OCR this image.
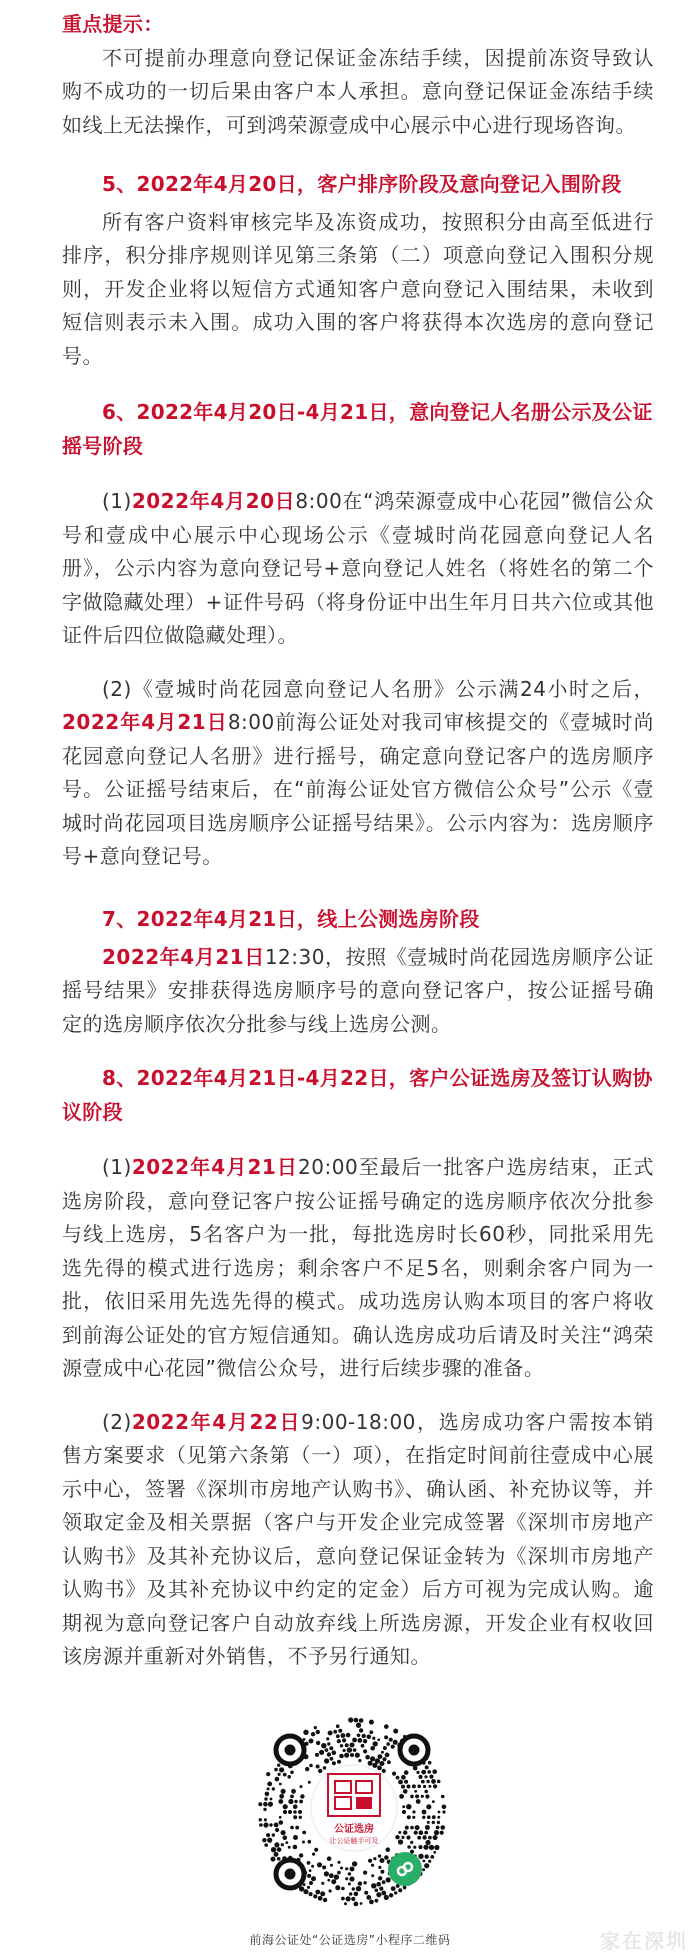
重点提示：

不可提前办理意向登记保证金冻结手续，因提前冻资导致认购不成功的一切后果由客户本人承担。意向登记保证金冻结手续如线上无法操作，可到鸿荣源壹成中心展示中心进行现场咨询。

5、2022年4月20日，客户排序阶段及意向登记入围阶段

所有客户资料审核完毕及冻资成功，按照积分由高至低进行排序，积分排序规则详见第三条第（二）项意向登记入围积分规则，开发企业将以短信方式通知客户意向登记入围结果，未收到短信则表示未入围。成功入围的客户将获得本次选房的意向登记号。

6、2022年4月20日-4月21日，意向登记人名册公示及公证摇号阶段

(1)2022年4月20日8:00在“鸿荣源壹成中心花园”微信公众号和壹成中心展示中心现场公示《壹城时尚花园意向登记人名册》，公示内容为意向登记号+意向登记人姓名（将姓名的第二个字做隐藏处理）+证件号码（将身份证中出生年月日共六位或其他证件后四位做隐藏处理）。

(2)《壹城时尚花园意向登记人名册》公示满24小时之后，2022年4月21日8:00前海公证处对我司审核提交的《壹城时尚花园意向登记人名册》进行摇号，确定意向登记客户的选房顺序号。公证摇号结束后，在“前海公证处官方微信公众号”公示《壹城时尚花园项目选房顺序公证摇号结果》。公示内容为：选房顺序号+意向登记号。

7、2022年4月21日，线上公测选房阶段

2022年4月21日12:30，按照《壹城时尚花园选房顺序公证摇号结果》安排获得选房顺序号的意向登记客户，按公证摇号确定的选房顺序依次分批参与线上选房公测。

8、2022年4月21日-4月22日，客户公证选房及签订认购协议阶段

(1)2022年4月21日20:00至最后一批客户选房结束，正式选房阶段，意向登记客户按公证摇号确定的选房顺序依次分批参与线上选房，5名客户为一批，每批选房时长60秒，同批采用先选先得的模式进行选房；剩余客户不足5名，则剩余客户同为一批，依旧采用先选先得的模式。成功选房认购本项目的客户将收到前海公证处的官方短信通知。确认选房成功后请及时关注“鸿荣源壹成中心花园”微信公众号，进行后续步骤的准备。

(2)2022年4月22日9:00-18:00，选房成功客户需按本销售方案要求（见第六条第（一）项），在指定时间前往壹成中心展示中心，签署《深圳市房地产认购书》、确认函、补充协议等，并领取定金及相关票据（客户与开发企业完成签署《深圳市房地产认购书》及其补充协议后，意向登记保证金转为《深圳市房地产认购书》及其补充协议中约定的定金）后方可视为完成认购。逾期视为意向登记客户自动放弃线上所选房源，开发企业有权收回该房源并重新对外销售，不予另行通知。

公证选房
让公证触手可及
前海公证处“公证选房”小程序二维码	家在深圳
